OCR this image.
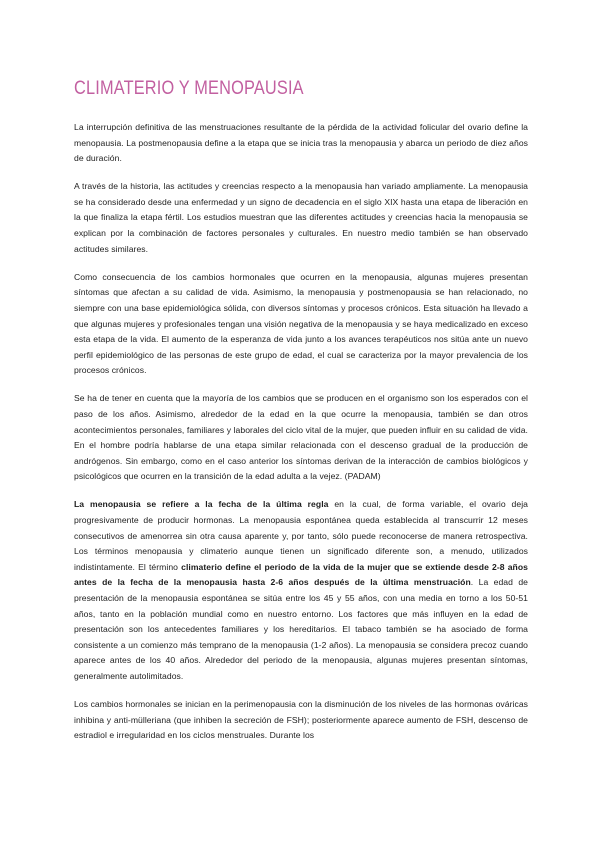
CLIMATERIO Y MENOPAUSIA

La interrupción definitiva de las menstruaciones resultante de la pérdida de la actividad folicular del ovario define la menopausia. La postmenopausia define a la etapa que se inicia tras la menopausia y abarca un periodo de diez años de duración.

A través de la historia, las actitudes y creencias respecto a la menopausia han variado ampliamente. La menopausia se ha considerado desde una enfermedad y un signo de decadencia en el siglo XIX hasta una etapa de liberación en la que finaliza la etapa fértil. Los estudios muestran que las diferentes actitudes y creencias hacia la menopausia se explican por la combinación de factores personales y culturales. En nuestro medio también se han observado actitudes similares.

Como consecuencia de los cambios hormonales que ocurren en la menopausia, algunas mujeres presentan síntomas que afectan a su calidad de vida. Asimismo, la menopausia y postmenopausia se han relacionado, no siempre con una base epidemiológica sólida, con diversos síntomas y procesos crónicos. Esta situación ha llevado a que algunas mujeres y profesionales tengan una visión negativa de la menopausia y se haya medicalizado en exceso esta etapa de la vida. El aumento de la esperanza de vida junto a los avances terapéuticos nos sitúa ante un nuevo perfil epidemiológico de las personas de este grupo de edad, el cual se caracteriza por la mayor prevalencia de los procesos crónicos.

Se ha de tener en cuenta que la mayoría de los cambios que se producen en el organismo son los esperados con el paso de los años. Asimismo, alrededor de la edad en la que ocurre la menopausia, también se dan otros acontecimientos personales, familiares y laborales del ciclo vital de la mujer, que pueden influir en su calidad de vida. En el hombre podría hablarse de una etapa similar relacionada con el descenso gradual de la producción de andrógenos. Sin embargo, como en el caso anterior los síntomas derivan de la interacción de cambios biológicos y psicológicos que ocurren en la transición de la edad adulta a la vejez. (PADAM)

La menopausia se refiere a la fecha de la última regla en la cual, de forma variable, el ovario deja progresivamente de producir hormonas. La menopausia espontánea queda establecida al transcurrir 12 meses consecutivos de amenorrea sin otra causa aparente y, por tanto, sólo puede reconocerse de manera retrospectiva. Los términos menopausia y climaterio aunque tienen un significado diferente son, a menudo, utilizados indistintamente. El término climaterio define el periodo de la vida de la mujer que se extiende desde 2-8 años antes de la fecha de la menopausia hasta 2-6 años después de la última menstruación. La edad de presentación de la menopausia espontánea se sitúa entre los 45 y 55 años, con una media en torno a los 50-51 años, tanto en la población mundial como en nuestro entorno. Los factores que más influyen en la edad de presentación son los antecedentes familiares y los hereditarios. El tabaco también se ha asociado de forma consistente a un comienzo más temprano de la menopausia (1-2 años). La menopausia se considera precoz cuando aparece antes de los 40 años. Alrededor del periodo de la menopausia, algunas mujeres presentan síntomas, generalmente autolimitados.

Los cambios hormonales se inician en la perimenopausia con la disminución de los niveles de las hormonas ováricas inhibina y anti-mülleriana (que inhiben la secreción de FSH); posteriormente aparece aumento de FSH, descenso de estradiol e irregularidad en los ciclos menstruales. Durante los
